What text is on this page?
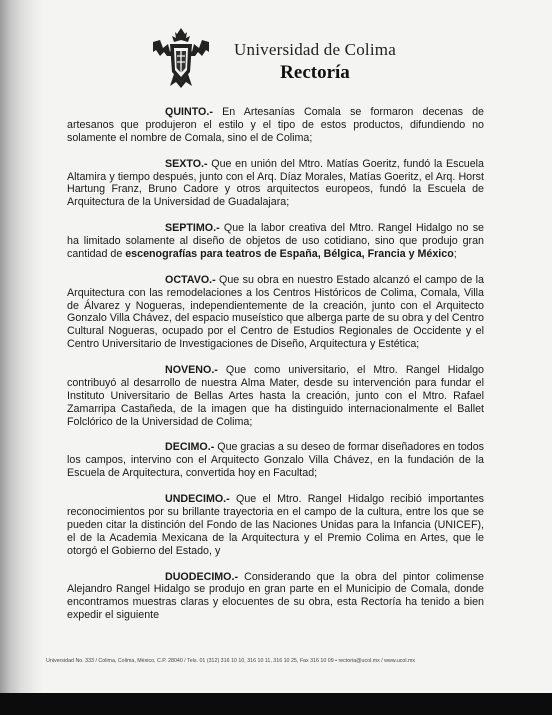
Universidad de Colima
Rectoría

QUINTO.- En Artesanías Comala se formaron decenas de artesanos que produjeron el estilo y el tipo de estos productos, difundiendo no solamente el nombre de Comala, sino el de Colima;

SEXTO.- Que en unión del Mtro. Matías Goeritz, fundó la Escuela Altamira y tiempo después, junto con el Arq. Díaz Morales, Matías Goeritz, el Arq. Horst Hartung Franz, Bruno Cadore y otros arquitectos europeos, fundó la Escuela de Arquitectura de la Universidad de Guadalajara;

SEPTIMO.- Que la labor creativa del Mtro. Rangel Hidalgo no se ha limitado solamente al diseño de objetos de uso cotidiano, sino que produjo gran cantidad de escenografías para teatros de España, Bélgica, Francia y México;

OCTAVO.- Que su obra en nuestro Estado alcanzó el campo de la Arquitectura con las remodelaciones a los Centros Históricos de Colima, Comala, Villa de Álvarez y Nogueras, independientemente de la creación, junto con el Arquitecto Gonzalo Villa Chávez, del espacio museístico que alberga parte de su obra y del Centro Cultural Nogueras, ocupado por el Centro de Estudios Regionales de Occidente y el Centro Universitario de Investigaciones de Diseño, Arquitectura y Estética;

NOVENO.- Que como universitario, el Mtro. Rangel Hidalgo contribuyó al desarrollo de nuestra Alma Mater, desde su intervención para fundar el Instituto Universitario de Bellas Artes hasta la creación, junto con el Mtro. Rafael Zamarripa Castañeda, de la imagen que ha distinguido internacionalmente el Ballet Folclórico de la Universidad de Colima;

DECIMO.- Que gracias a su deseo de formar diseñadores en todos los campos, intervino con el Arquitecto Gonzalo Villa Chávez, en la fundación de la Escuela de Arquitectura, convertida hoy en Facultad;

UNDECIMO.- Que el Mtro. Rangel Hidalgo recibió importantes reconocimientos por su brillante trayectoria en el campo de la cultura, entre los que se pueden citar la distinción del Fondo de las Naciones Unidas para la Infancia (UNICEF), el de la Academia Mexicana de la Arquitectura y el Premio Colima en Artes, que le otorgó el Gobierno del Estado, y

DUODECIMO.- Considerando que la obra del pintor colimense Alejandro Rangel Hidalgo se produjo en gran parte en el Municipio de Comala, donde encontramos muestras claras y elocuentes de su obra, esta Rectoría ha tenido a bien expedir el siguiente

Universidad No. 333 / Colima, Colima, México, C.P. 28040 / Tels. 01 (312) 316 10 10, 316 10 11, 316 10 25, Fax 316 10 09 • rectoria@ucol.mx / www.ucol.mx
